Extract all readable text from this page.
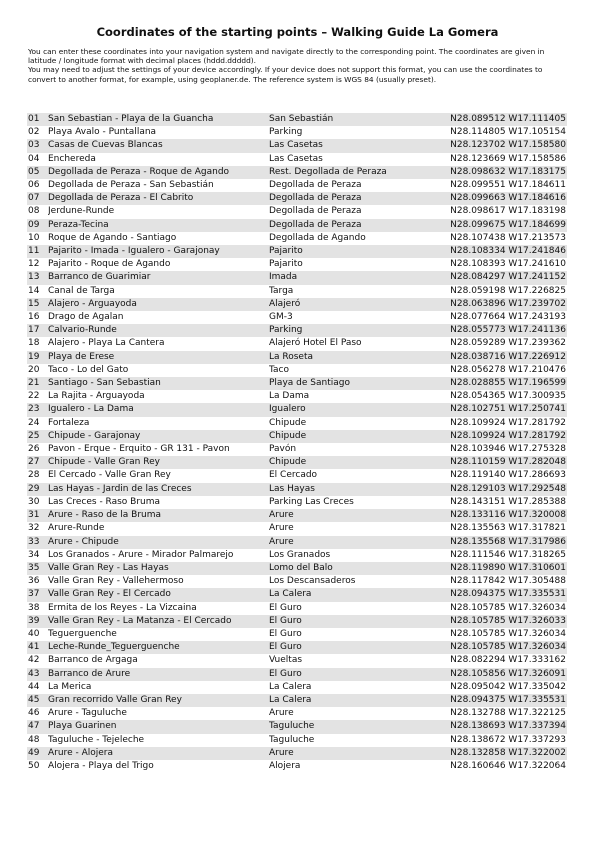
Coordinates of the starting points – Walking Guide La Gomera

You can enter these coordinates into your navigation system and navigate directly to the corresponding point. The coordinates are given in latitude / longitude format with decimal places (hddd.ddddd).

You may need to adjust the settings of your device accordingly. If your device does not support this format, you can use the coordinates to convert to another format, for example, using geoplaner.de. The reference system is WGS 84 (usually preset).

01	San Sebastian - Playa de la Guancha	San Sebastián	N28.089512 W17.111405
02	Playa Avalo - Puntallana	Parking	N28.114805 W17.105154
03	Casas de Cuevas Blancas	Las Casetas	N28.123702 W17.158580
04	Enchereda	Las Casetas	N28.123669 W17.158586
05	Degollada de Peraza - Roque de Agando	Rest. Degollada de Peraza	N28.098632 W17.183175
06	Degollada de Peraza - San Sebastián	Degollada de Peraza	N28.099551 W17.184611
07	Degollada de Peraza - El Cabrito	Degollada de Peraza	N28.099663 W17.184616
08	Jerdune-Runde	Degollada de Peraza	N28.098617 W17.183198
09	Peraza-Tecina	Degollada de Peraza	N28.099675 W17.184699
10	Roque de Agando - Santiago	Degollada de Agando	N28.107438 W17.213573
11	Pajarito - Imada - Igualero - Garajonay	Pajarito	N28.108334 W17.241846
12	Pajarito - Roque de Agando	Pajarito	N28.108393 W17.241610
13	Barranco de Guarimiar	Imada	N28.084297 W17.241152
14	Canal de Targa	Targa	N28.059198 W17.226825
15	Alajero - Arguayoda	Alajeró	N28.063896 W17.239702
16	Drago de Agalan	GM-3	N28.077664 W17.243193
17	Calvario-Runde	Parking	N28.055773 W17.241136
18	Alajero - Playa La Cantera	Alajeró Hotel El Paso	N28.059289 W17.239362
19	Playa de Erese	La Roseta	N28.038716 W17.226912
20	Taco - Lo del Gato	Taco	N28.056278 W17.210476
21	Santiago - San Sebastian	Playa de Santiago	N28.028855 W17.196599
22	La Rajita - Arguayoda	La Dama	N28.054365 W17.300935
23	Igualero - La Dama	Igualero	N28.102751 W17.250741
24	Fortaleza	Chipude	N28.109924 W17.281792
25	Chipude - Garajonay	Chipude	N28.109924 W17.281792
26	Pavon - Erque - Erquito - GR 131 - Pavon	Pavón	N28.103946 W17.275328
27	Chipude - Valle Gran Rey	Chipude	N28.110159 W17.282048
28	El Cercado - Valle Gran Rey	El Cercado	N28.119140 W17.286693
29	Las Hayas - Jardin de las Creces	Las Hayas	N28.129103 W17.292548
30	Las Creces - Raso Bruma	Parking Las Creces	N28.143151 W17.285388
31	Arure - Raso de la Bruma	Arure	N28.133116 W17.320008
32	Arure-Runde	Arure	N28.135563 W17.317821
33	Arure - Chipude	Arure	N28.135568 W17.317986
34	Los Granados - Arure - Mirador Palmarejo	Los Granados	N28.111546 W17.318265
35	Valle Gran Rey - Las Hayas	Lomo del Balo	N28.119890 W17.310601
36	Valle Gran Rey - Vallehermoso	Los Descansaderos	N28.117842 W17.305488
37	Valle Gran Rey - El Cercado	La Calera	N28.094375 W17.335531
38	Ermita de los Reyes - La Vizcaina	El Guro	N28.105785 W17.326034
39	Valle Gran Rey - La Matanza - El Cercado	El Guro	N28.105785 W17.326033
40	Teguerguenche	El Guro	N28.105785 W17.326034
41	Leche-Runde_Teguerguenche	El Guro	N28.105785 W17.326034
42	Barranco de Argaga	Vueltas	N28.082294 W17.333162
43	Barranco de Arure	El Guro	N28.105856 W17.326091
44	La Merica	La Calera	N28.095042 W17.335042
45	Gran recorrido Valle Gran Rey	La Calera	N28.094375 W17.335531
46	Arure - Taguluche	Arure	N28.132788 W17.322125
47	Playa Guarinen	Taguluche	N28.138693 W17.337394
48	Taguluche - Tejeleche	Taguluche	N28.138672 W17.337293
49	Arure - Alojera	Arure	N28.132858 W17.322002
50	Alojera - Playa del Trigo	Alojera	N28.160646 W17.322064
